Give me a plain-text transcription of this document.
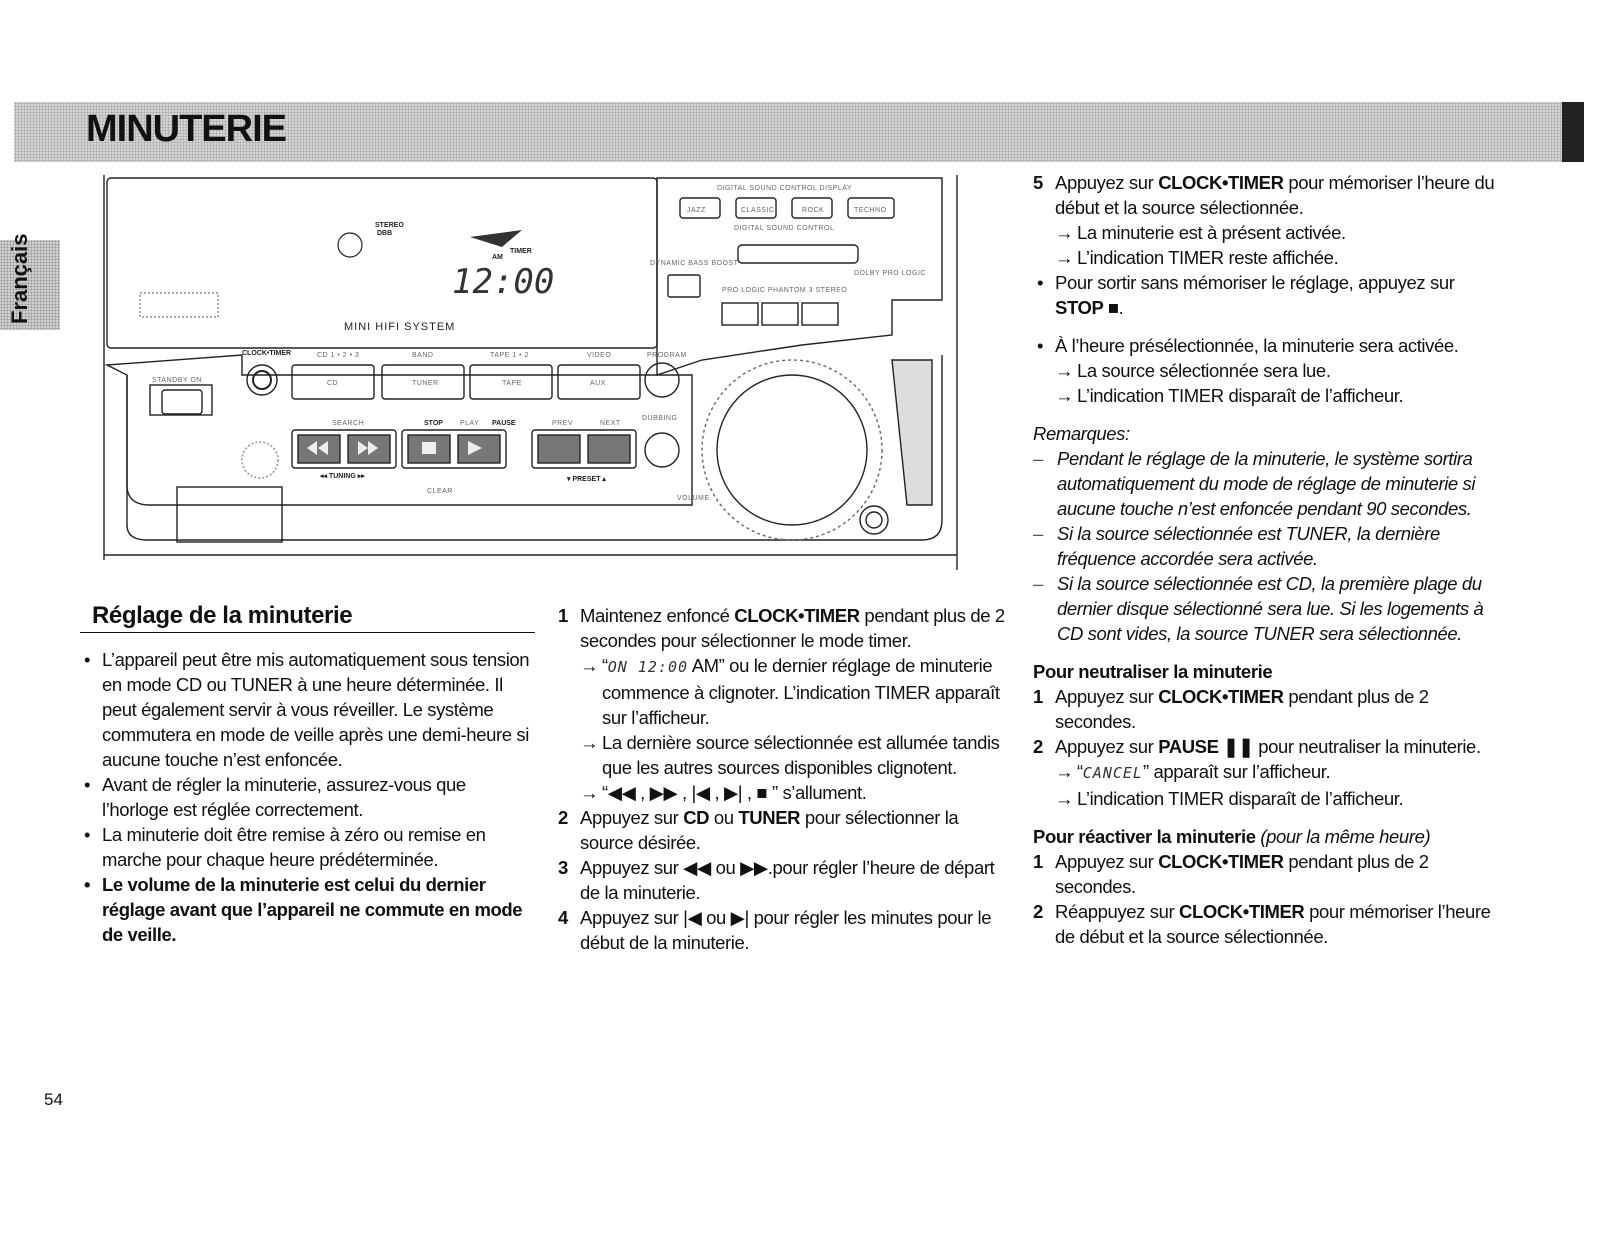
MINUTERIE
Français	DBB
STEREO
12:00
AM
TIMER
MINI HIFI SYSTEM
STANDBY ON
CLOCK•TIMER	CD 1 • 2 • 3	BAND	TAPE 1 • 2	VIDEO	PROGRAM
CD	TUNER	TAPE	AUX
SEARCH	STOP PLAY PAUSE	PREV	NEXT
◂◂ TUNING ▸▸	▾ PRESET ▴
CLEAR
VOLUME
DUBBING
DIGITAL SOUND CONTROL DISPLAY
JAZZ	CLASSIC	ROCK	TECHNO
DIGITAL SOUND CONTROL
DYNAMIC BASS BOOST
DOLBY PRO LOGIC
PRO LOGIC PHANTOM 3 STEREO
Réglage de la minuterie
• L’appareil peut être mis automatiquement sous tension en mode CD ou TUNER à une heure déterminée. Il peut également servir à vous réveiller. Le système commutera en mode de veille après une demi-heure si aucune touche n’est enfoncée.
• Avant de régler la minuterie, assurez-vous que l’horloge est réglée correctement.
• La minuterie doit être remise à zéro ou remise en marche pour chaque heure prédéterminée.
• Le volume de la minuterie est celui du dernier réglage avant que l’appareil ne commute en mode de veille.
1 Maintenez enfoncé CLOCK•TIMER pendant plus de 2 secondes pour sélectionner le mode timer.
→ “ON 12:00 AM” ou le dernier réglage de minuterie commence à clignoter. L’indication TIMER apparaît sur l’afficheur.
→ La dernière source sélectionnée est allumée tandis que les autres sources disponibles clignotent.
→ “◀◀ , ▶▶ , |◀ , ▶| , ■ ” s’allument.
2 Appuyez sur CD ou TUNER pour sélectionner la source désirée.
3 Appuyez sur ◀◀ ou ▶▶.pour régler l’heure de départ de la minuterie.
4 Appuyez sur |◀ ou ▶| pour régler les minutes pour le début de la minuterie.
5 Appuyez sur CLOCK•TIMER pour mémoriser l’heure du début et la source sélectionnée.
→ La minuterie est à présent activée.
→ L’indication TIMER reste affichée.
• Pour sortir sans mémoriser le réglage, appuyez sur STOP ■.
• À l’heure présélectionnée, la minuterie sera activée.
→ La source sélectionnée sera lue.
→ L’indication TIMER disparaît de l’afficheur.
Remarques:
– Pendant le réglage de la minuterie, le système sortira automatiquement du mode de réglage de minuterie si aucune touche n’est enfoncée pendant 90 secondes.
– Si la source sélectionnée est TUNER, la dernière fréquence accordée sera activée.
– Si la source sélectionnée est CD, la première plage du dernier disque sélectionné sera lue. Si les logements à CD sont vides, la source TUNER sera sélectionnée.
Pour neutraliser la minuterie
1 Appuyez sur CLOCK•TIMER pendant plus de 2 secondes.
2 Appuyez sur PAUSE ❚❚ pour neutraliser la minuterie.
→ “CANCEL” apparaît sur l’afficheur.
→ L’indication TIMER disparaît de l’afficheur.
Pour réactiver la minuterie (pour la même heure)
1 Appuyez sur CLOCK•TIMER pendant plus de 2 secondes.
2 Réappuyez sur CLOCK•TIMER pour mémoriser l’heure de début et la source sélectionnée.
54
